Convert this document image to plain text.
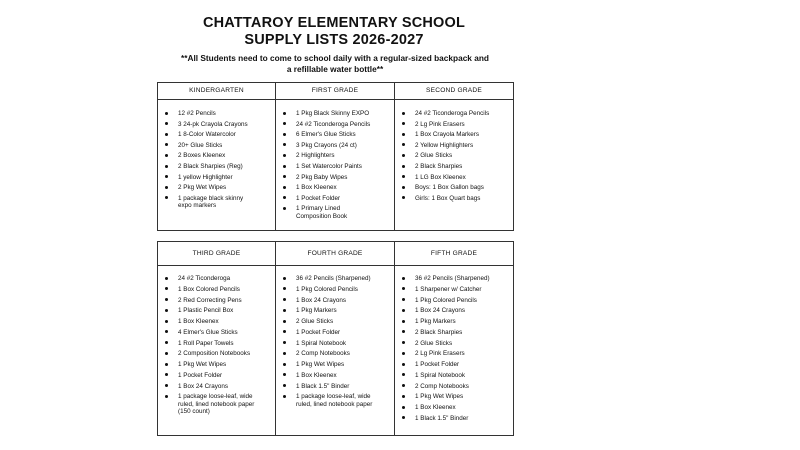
CHATTAROY ELEMENTARY SCHOOL
SUPPLY LISTS 2026-2027
**All Students need to come to school daily with a regular-sized backpack and
a refillable water bottle**
KINDERGARTEN
12 #2 Pencils
3 24-pk Crayola Crayons
1 8-Color Watercolor
20+ Glue Sticks
2 Boxes Kleenex
2 Black Sharpies (Reg)
1 yellow Highlighter
2 Pkg Wet Wipes
1 package black skinny
expo markers
FIRST GRADE
1 Pkg Black Skinny EXPO
24 #2 Ticonderoga Pencils
6 Elmer's Glue Sticks
3 Pkg Crayons (24 ct)
2 Highlighters
1 Set Watercolor Paints
2 Pkg Baby Wipes
1 Box Kleenex
1 Pocket Folder
1 Primary Lined
Composition Book
SECOND GRADE
24 #2 Ticonderoga Pencils
2 Lg Pink Erasers
1 Box Crayola Markers
2 Yellow Highlighters
2 Glue Sticks
2 Black Sharpies
1 LG Box Kleenex
Boys: 1 Box Gallon bags
Girls: 1 Box Quart bags
THIRD GRADE
24 #2 Ticonderoga
1 Box Colored Pencils
2 Red Correcting Pens
1 Plastic Pencil Box
1 Box Kleenex
4 Elmer's Glue Sticks
1 Roll Paper Towels
2 Composition Notebooks
1 Pkg Wet Wipes
1 Pocket Folder
1 Box 24 Crayons
1 package loose-leaf, wide
ruled, lined notebook paper
(150 count)
FOURTH GRADE
36 #2 Pencils (Sharpened)
1 Pkg Colored Pencils
1 Box 24 Crayons
1 Pkg Markers
2 Glue Sticks
1 Pocket Folder
1 Spiral Notebook
2 Comp Notebooks
1 Pkg Wet Wipes
1 Box Kleenex
1 Black 1.5" Binder
1 package loose-leaf, wide
ruled, lined notebook paper
FIFTH GRADE
36 #2 Pencils (Sharpened)
1 Sharpener w/ Catcher
1 Pkg Colored Pencils
1 Box 24 Crayons
1 Pkg Markers
2 Black Sharpies
2 Glue Sticks
2 Lg Pink Erasers
1 Pocket Folder
1 Spiral Notebook
2 Comp Notebooks
1 Pkg Wet Wipes
1 Box Kleenex
1 Black 1.5" Binder
